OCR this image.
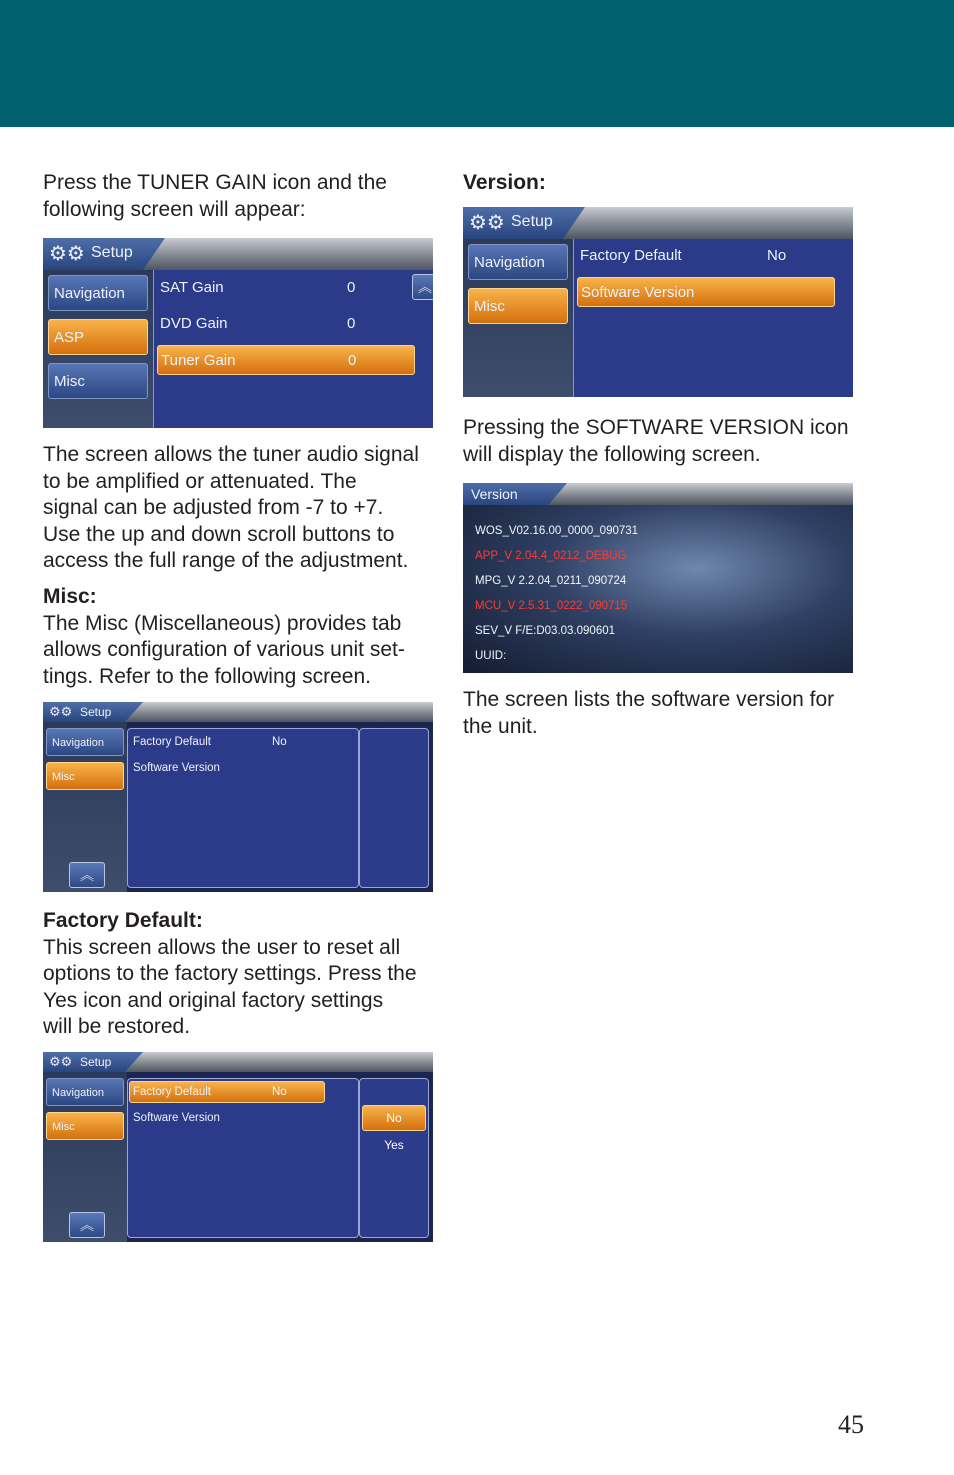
Press the TUNER GAIN icon and the

following screen will appear:

⚙⚙ Setup
Navigation
ASP
Misc
SAT Gain	0
DVD Gain	0
Tuner Gain	0
︽

The screen allows the tuner audio signal

to be amplified or attenuated. The

signal can be adjusted from -7 to +7.

Use the up and down scroll buttons to

access the full range of the adjustment.

Misc:

The Misc (Miscellaneous) provides tab

allows configuration of various unit set-

tings. Refer to the following screen.

⚙⚙ Setup
Navigation
Misc
︽
Factory Default	No
Software Version

Factory Default:

This screen allows the user to reset all

options to the factory settings. Press the

Yes icon and original factory settings

will be restored.

⚙⚙ Setup
Navigation
Misc
︽
Factory Default	No
Software Version	No
Yes

Version:

⚙⚙ Setup
Navigation
Misc
Factory Default	No
Software Version

Pressing the SOFTWARE VERSION icon

will display the following screen.

Version
WOS_V02.16.00_0000_090731
APP_V 2.04.4_0212_DEBUG
MPG_V 2.2.04_0211_090724
MCU_V 2.5.31_0222_090715
SEV_V F/E:D03.03.090601
UUID:

The screen lists the software version for

the unit.

45
